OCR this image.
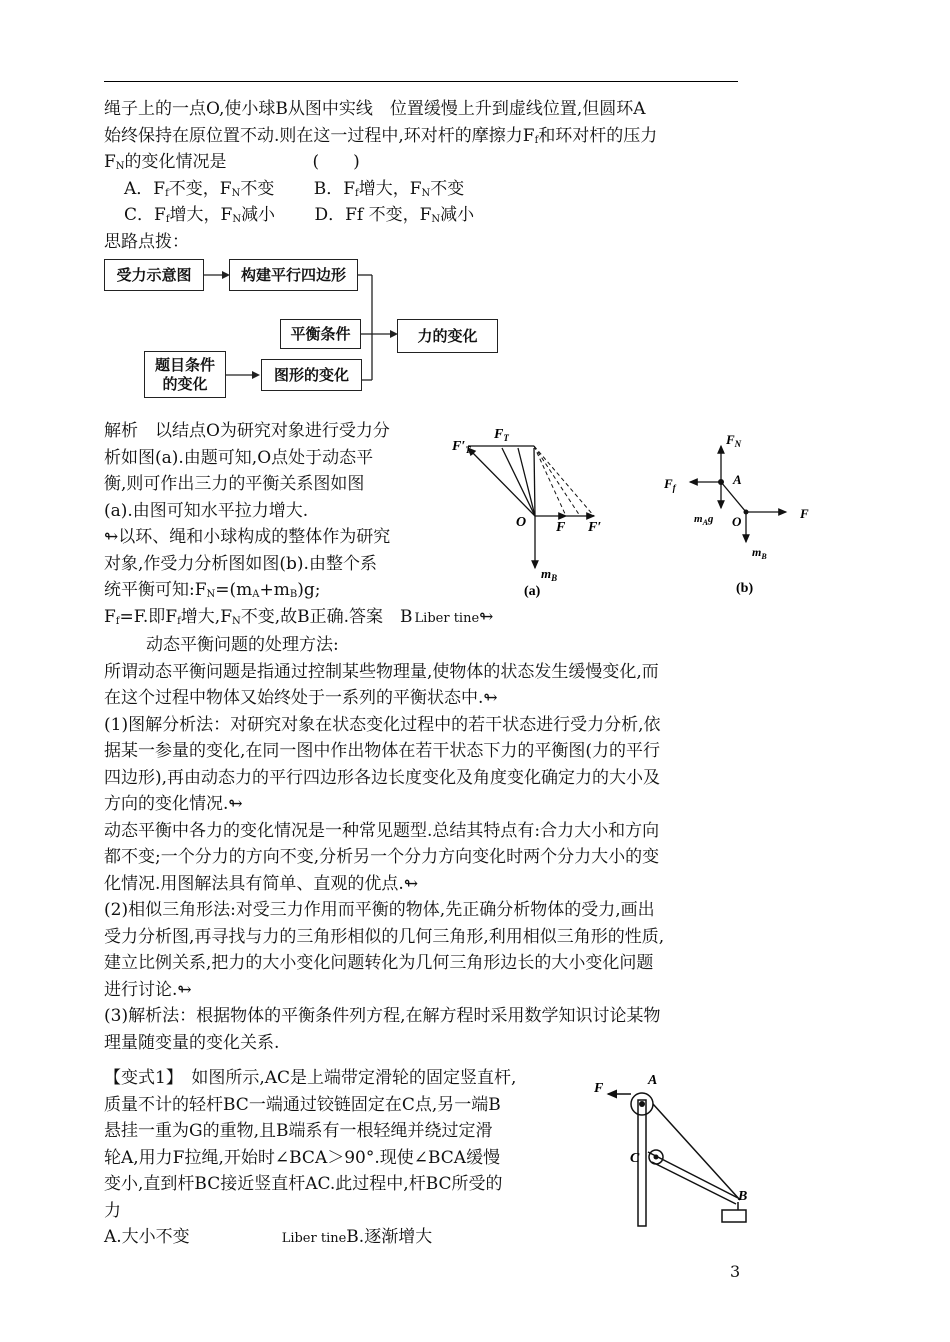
绳子上的一点O,使小球B从图中实线　位置缓慢上升到虚线位置,但圆环A
始终保持在原位置不动.则在这一过程中,环对杆的摩擦力$F_f$和环对杆的压力
$F_N$的变化情况是	(　　)
A．$F_f$不变，$F_N$不变 B．$F_f$增大，$F_N$不变
C．$F_f$增大，$F_N$减小 D．Ff 不变，$F_N$减小
思路点拨：
受力示意图	构建平行四边形
平衡条件	力的变化
题目条件
的变化	图形的变化
解析　以结点O为研究对象进行受力分
析如图(a).由题可知,O点处于动态平
衡,则可作出三力的平衡关系图如图
(a).由图可知水平拉力增大.
↬以环、绳和小球构成的整体作为研究
对象,作受力分析图如图(b).由整个系
统平衡可知$:F_N=(m_A+m_B)g$;
$F_f=F$.即$F_f$增大$,F_N$不变,故B正确.答案　B Liber tine↬
$F'_T$
$F_T$
O F F′
$m_B$
(a)
$F_N$
$F_f$
A
$m_Ag$ O
F
$m_B$
(b)
动态平衡问题的处理方法:
所谓动态平衡问题是指通过控制某些物理量,使物体的状态发生缓慢变化,而
在这个过程中物体又始终处于一系列的平衡状态中.↬
(1)图解分析法：对研究对象在状态变化过程中的若干状态进行受力分析,依
据某一参量的变化,在同一图中作出物体在若干状态下力的平衡图(力的平行
四边形),再由动态力的平行四边形各边长度变化及角度变化确定力的大小及
方向的变化情况.↬
动态平衡中各力的变化情况是一种常见题型.总结其特点有:合力大小和方向
都不变;一个分力的方向不变,分析另一个分力方向变化时两个分力大小的变
化情况.用图解法具有简单、直观的优点.↬
(2)相似三角形法:对受三力作用而平衡的物体,先正确分析物体的受力,画出
受力分析图,再寻找与力的三角形相似的几何三角形,利用相似三角形的性质,
建立比例关系,把力的大小变化问题转化为几何三角形边长的大小变化问题
进行讨论.↬
(3)解析法：根据物体的平衡条件列方程,在解方程时采用数学知识讨论某物
理量随变量的变化关系.
【变式1】　如图所示,AC是上端带定滑轮的固定竖直杆,
质量不计的轻杆BC一端通过铰链固定在C点,另一端B
悬挂一重为G的重物,且B端系有一根轻绳并绕过定滑
轮A,用力F拉绳,开始时∠BCA＞90°.现使∠BCA缓慢
变小,直到杆BC接近竖直杆AC.此过程中,杆BC所受的
力
A.大小不变	Liber tineB.逐渐增大
F
A
C
B
3
